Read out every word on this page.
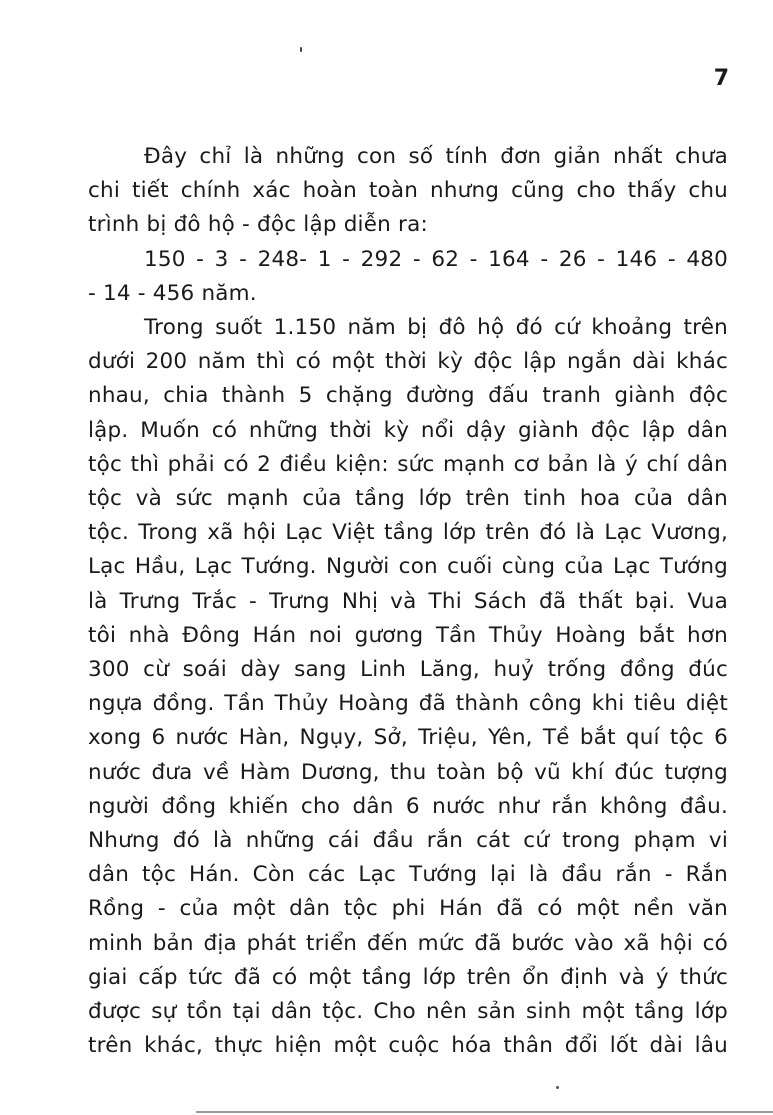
7
Đây chỉ là những con số tính đơn giản nhất chưa
chi tiết chính xác hoàn toàn nhưng cũng cho thấy chu
trình bị đô hộ - độc lập diễn ra:
150 - 3 - 248- 1 - 292 - 62 - 164 - 26 - 146 - 480
- 14 - 456 năm.
Trong suốt 1.150 năm bị đô hộ đó cứ khoảng trên
dưới 200 năm thì có một thời kỳ độc lập ngắn dài khác
nhau, chia thành 5 chặng đường đấu tranh giành độc
lập. Muốn có những thời kỳ nổi dậy giành độc lập dân
tộc thì phải có 2 điều kiện: sức mạnh cơ bản là ý chí dân
tộc và sức mạnh của tầng lớp trên tinh hoa của dân
tộc. Trong xã hội Lạc Việt tầng lớp trên đó là Lạc Vương,
Lạc Hầu, Lạc Tướng. Người con cuối cùng của Lạc Tướng
là Trưng Trắc - Trưng Nhị và Thi Sách đã thất bại. Vua
tôi nhà Đông Hán noi gương Tần Thủy Hoàng bắt hơn
300 cừ soái dày sang Linh Lăng, huỷ trống đồng đúc
ngựa đồng. Tần Thủy Hoàng đã thành công khi tiêu diệt
xong 6 nước Hàn, Ngụy, Sở, Triệu, Yên, Tề bắt quí tộc 6
nước đưa về Hàm Dương, thu toàn bộ vũ khí đúc tượng
người đồng khiến cho dân 6 nước như rắn không đầu.
Nhưng đó là những cái đầu rắn cát cứ trong phạm vi
dân tộc Hán. Còn các Lạc Tướng lại là đầu rắn - Rắn
Rồng - của một dân tộc phi Hán đã có một nền văn
minh bản địa phát triển đến mức đã bước vào xã hội có
giai cấp tức đã có một tầng lớp trên ổn định và ý thức
được sự tồn tại dân tộc. Cho nên sản sinh một tầng lớp
trên khác, thực hiện một cuộc hóa thân đổi lốt dài lâu
